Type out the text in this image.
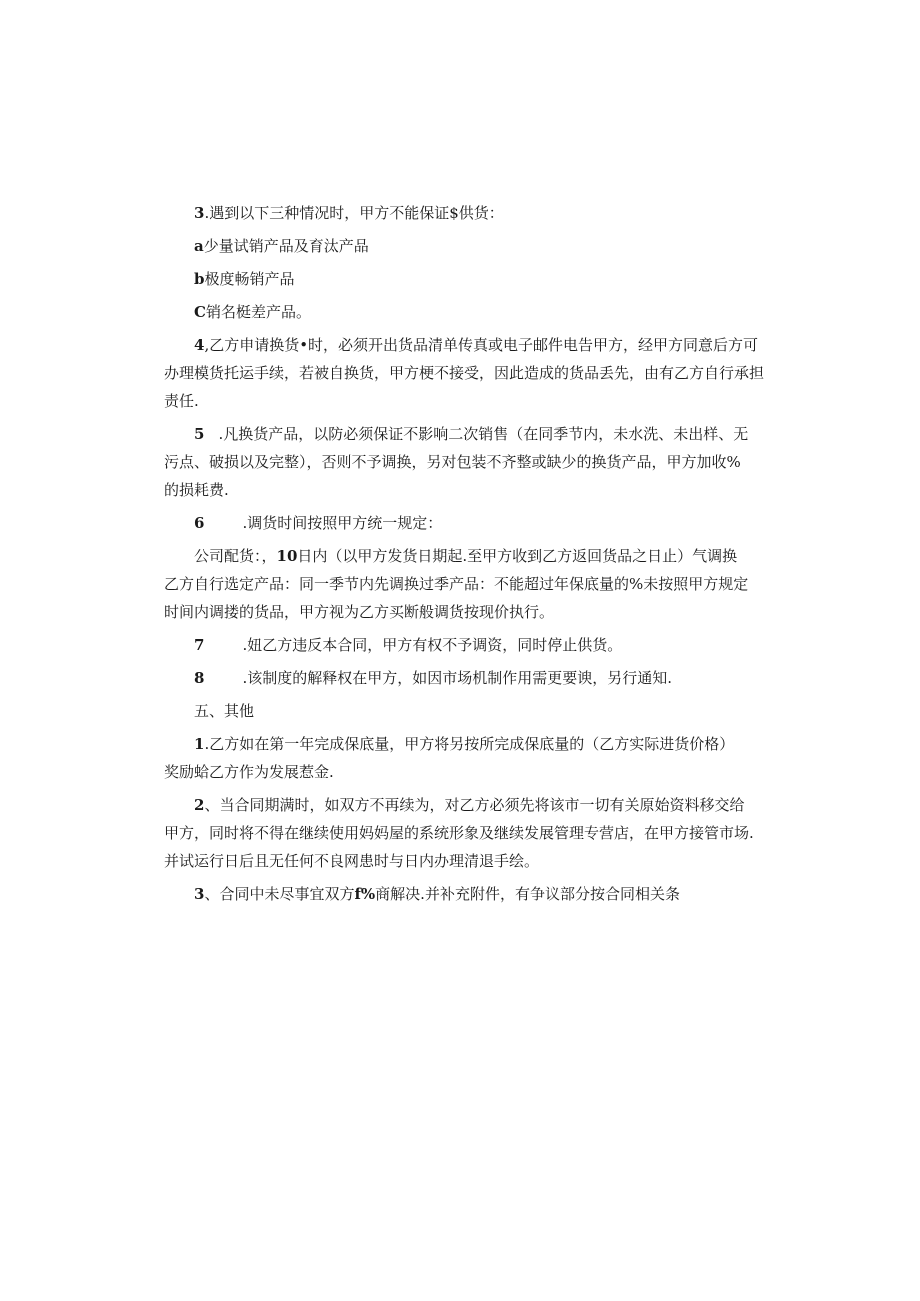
3.遇到以下三种情况时，甲方不能保证$供货：
a少量试销产品及育汰产品
b极度畅销产品
C销名梃差产品。
4,乙方申请换货•时，必须开出货品清单传真或电子邮件电告甲方，经甲方同意后方可
办理模货托运手续，若被自换货，甲方梗不接受，因此造成的货品丢先，由有乙方自行承担
责任.
5 .凡换货产品，以防必须保证不影响二次销售（在同季节内，未水洗、未出样、无
污点、破损以及完整），否则不予调换，另对包装不齐整或缺少的换货产品，甲方加收%
的损耗费.
6	.调货时间按照甲方统一规定：
公司配货：，10日内（以甲方发货日期起.至甲方收到乙方返回货品之日止）气调换
乙方自行选定产品：同一季节内先调换过季产品：不能超过年保底量的%未按照甲方规定
时间内调搂的货品，甲方视为乙方买断般调货按现价执行。
7	.妞乙方违反本合同，甲方有权不予调资，同时停止供货。
8	.该制度的解释权在甲方，如因市场机制作用需更要谀，另行通知.
五、其他
1.乙方如在第一年完成保底量，甲方将另按所完成保底量的（乙方实际进货价格）
奖励蛤乙方作为发展惹金.
2、当合同期满时，如双方不再续为，对乙方必须先将该市一切有关原始资料移交给
甲方，同时将不得在继续使用妈妈屋的系统形象及继续发展管理专营店，在甲方接管市场.
并试运行日后且无任何不良网患时与日内办理清退手绘。
3、合同中未尽事宜双方f%商解决.并补充附件，有争议部分按合同相关条
